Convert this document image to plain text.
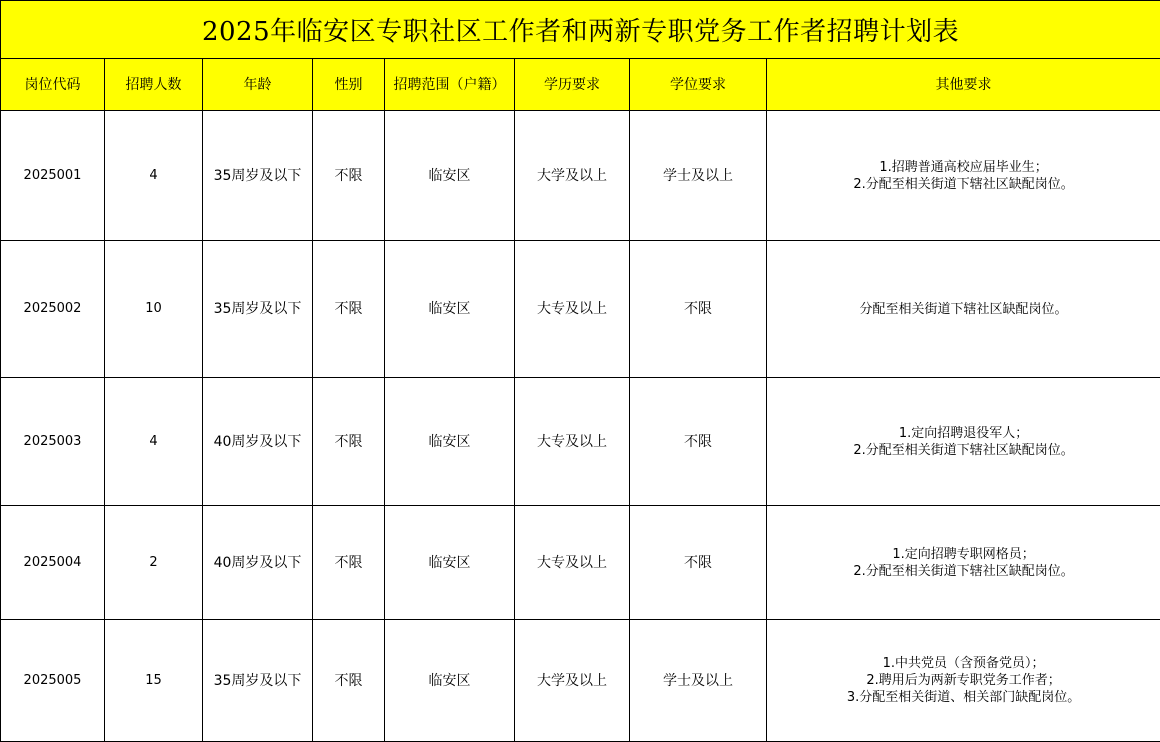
2025年临安区专职社区工作者和两新专职党务工作者招聘计划表							
岗位代码	招聘人数	年龄	性别	招聘范围（户籍）	学历要求	学位要求	其他要求
2025001	4	35周岁及以下	不限	临安区	大学及以上	学士及以上	1.招聘普通高校应届毕业生；
2.分配至相关街道下辖社区缺配岗位。

2025002	10	35周岁及以下	不限	临安区	大专及以上	不限	分配至相关街道下辖社区缺配岗位。

2025003	4	40周岁及以下	不限	临安区	大专及以上	不限	1.定向招聘退役军人；
2.分配至相关街道下辖社区缺配岗位。

2025004	2	40周岁及以下	不限	临安区	大专及以上	不限	1.定向招聘专职网格员；
2.分配至相关街道下辖社区缺配岗位。

2025005	15	35周岁及以下	不限	临安区	大学及以上	学士及以上	1.中共党员（含预备党员）；
2.聘用后为两新专职党务工作者；
3.分配至相关街道、相关部门缺配岗位。
